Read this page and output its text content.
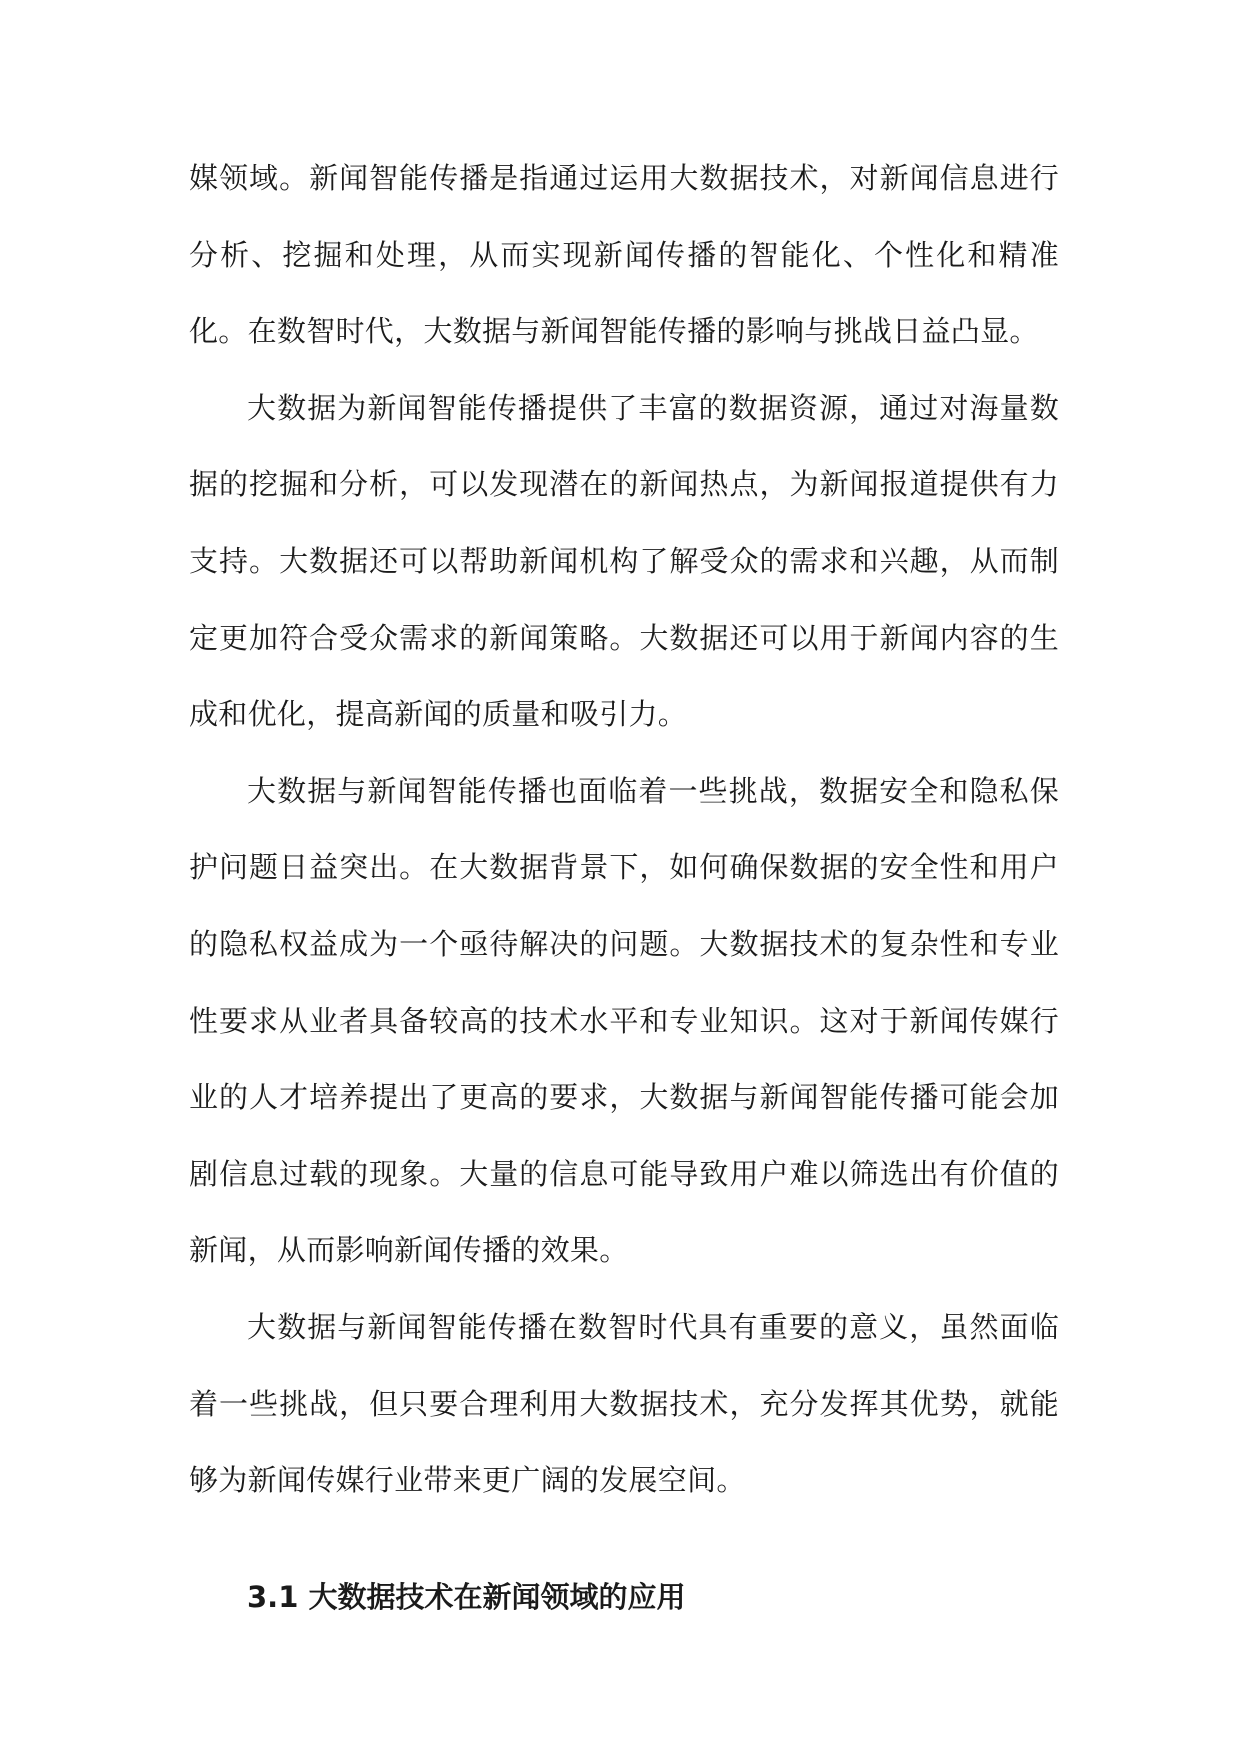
媒领域。新闻智能传播是指通过运用大数据技术，对新闻信息进行分析、挖掘和处理，从而实现新闻传播的智能化、个性化和精准化。在数智时代，大数据与新闻智能传播的影响与挑战日益凸显。

大数据为新闻智能传播提供了丰富的数据资源，通过对海量数据的挖掘和分析，可以发现潜在的新闻热点，为新闻报道提供有力支持。大数据还可以帮助新闻机构了解受众的需求和兴趣，从而制定更加符合受众需求的新闻策略。大数据还可以用于新闻内容的生成和优化，提高新闻的质量和吸引力。

大数据与新闻智能传播也面临着一些挑战，数据安全和隐私保护问题日益突出。在大数据背景下，如何确保数据的安全性和用户的隐私权益成为一个亟待解决的问题。大数据技术的复杂性和专业性要求从业者具备较高的技术水平和专业知识。这对于新闻传媒行业的人才培养提出了更高的要求，大数据与新闻智能传播可能会加剧信息过载的现象。大量的信息可能导致用户难以筛选出有价值的新闻，从而影响新闻传播的效果。

大数据与新闻智能传播在数智时代具有重要的意义，虽然面临着一些挑战，但只要合理利用大数据技术，充分发挥其优势，就能够为新闻传媒行业带来更广阔的发展空间。

3.1 大数据技术在新闻领域的应用
